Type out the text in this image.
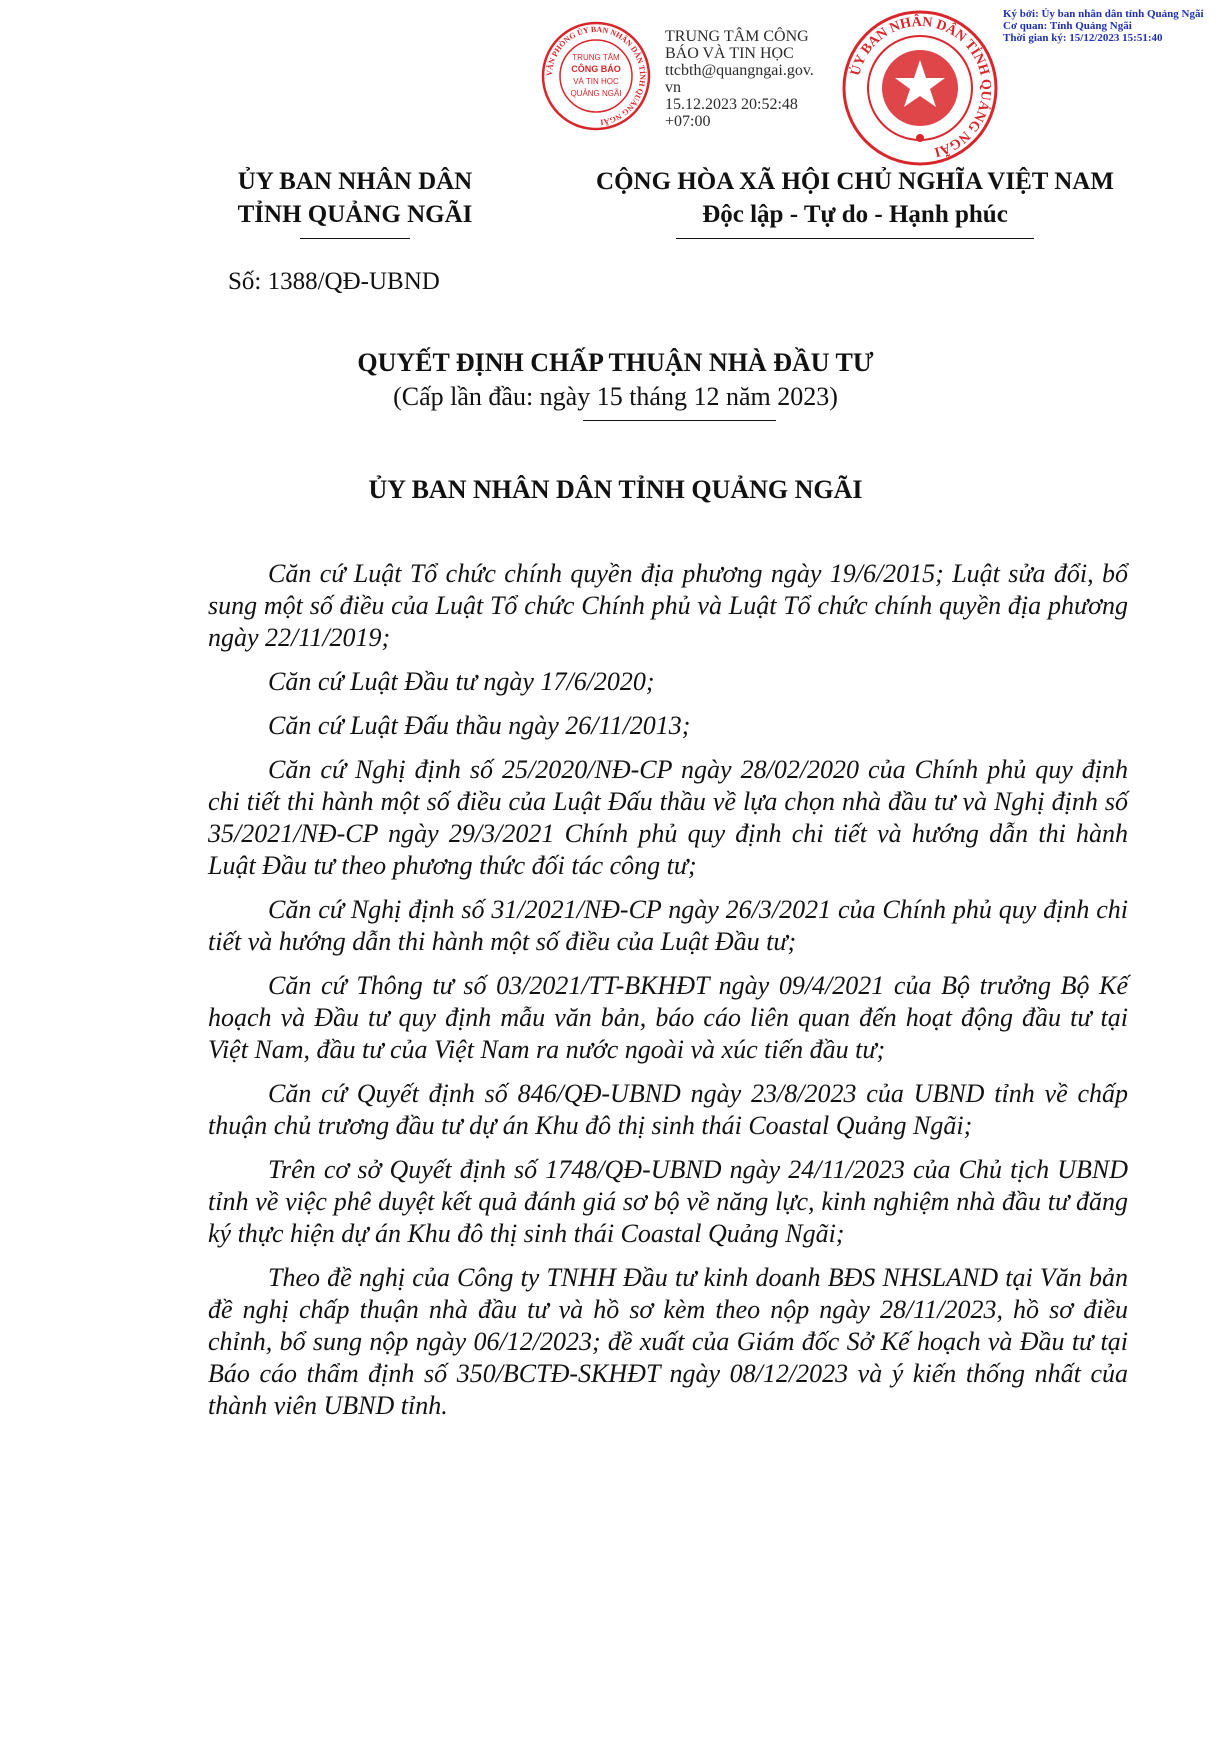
VĂN PHÒNG ỦY BAN NHÂN DÂN TỈNH QUẢNG NGÃI
TRUNG TÂM
CÔNG BÁO
VÀ TIN HỌC
QUẢNG NGÃI
TRUNG TÂM CÔNG
BÁO VÀ TIN HỌC
ttcbth@quangngai.gov.
vn
15.12.2023 20:52:48
+07:00
ỦY BAN NHÂN DÂN TỈNH QUẢNG NGÃI
Ký bởi: Ủy ban nhân dân tỉnh Quảng Ngãi
Cơ quan: Tỉnh Quảng Ngãi
Thời gian ký: 15/12/2023 15:51:40
ỦY BAN NHÂN DÂN
TỈNH QUẢNG NGÃI
CỘNG HÒA XÃ HỘI CHỦ NGHĨA VIỆT NAM
Độc lập - Tự do - Hạnh phúc
Số: 1388/QĐ-UBND
QUYẾT ĐỊNH CHẤP THUẬN NHÀ ĐẦU TƯ
(Cấp lần đầu: ngày 15 tháng 12 năm 2023)
ỦY BAN NHÂN DÂN TỈNH QUẢNG NGÃI

Căn cứ Luật Tổ chức chính quyền địa phương ngày 19/6/2015; Luật sửa đổi, bổ sung một số điều của Luật Tổ chức Chính phủ và Luật Tổ chức chính quyền địa phương ngày 22/11/2019;

Căn cứ Luật Đầu tư ngày 17/6/2020;

Căn cứ Luật Đấu thầu ngày 26/11/2013;

Căn cứ Nghị định số 25/2020/NĐ-CP ngày 28/02/2020 của Chính phủ quy định chi tiết thi hành một số điều của Luật Đấu thầu về lựa chọn nhà đầu tư và Nghị định số 35/2021/NĐ-CP ngày 29/3/2021 Chính phủ quy định chi tiết và hướng dẫn thi hành Luật Đầu tư theo phương thức đối tác công tư;

Căn cứ Nghị định số 31/2021/NĐ-CP ngày 26/3/2021 của Chính phủ quy định chi tiết và hướng dẫn thi hành một số điều của Luật Đầu tư;

Căn cứ Thông tư số 03/2021/TT-BKHĐT ngày 09/4/2021 của Bộ trưởng Bộ Kế hoạch và Đầu tư quy định mẫu văn bản, báo cáo liên quan đến hoạt động đầu tư tại Việt Nam, đầu tư của Việt Nam ra nước ngoài và xúc tiến đầu tư;

Căn cứ Quyết định số 846/QĐ-UBND ngày 23/8/2023 của UBND tỉnh về chấp thuận chủ trương đầu tư dự án Khu đô thị sinh thái Coastal Quảng Ngãi;

Trên cơ sở Quyết định số 1748/QĐ-UBND ngày 24/11/2023 của Chủ tịch UBND tỉnh về việc phê duyệt kết quả đánh giá sơ bộ về năng lực, kinh nghiệm nhà đầu tư đăng ký thực hiện dự án Khu đô thị sinh thái Coastal Quảng Ngãi;

Theo đề nghị của Công ty TNHH Đầu tư kinh doanh BĐS NHSLAND tại Văn bản đề nghị chấp thuận nhà đầu tư và hồ sơ kèm theo nộp ngày 28/11/2023, hồ sơ điều chỉnh, bổ sung nộp ngày 06/12/2023; đề xuất của Giám đốc Sở Kế hoạch và Đầu tư tại Báo cáo thẩm định số 350/BCTĐ-SKHĐT ngày 08/12/2023 và ý kiến thống nhất của thành viên UBND tỉnh.
